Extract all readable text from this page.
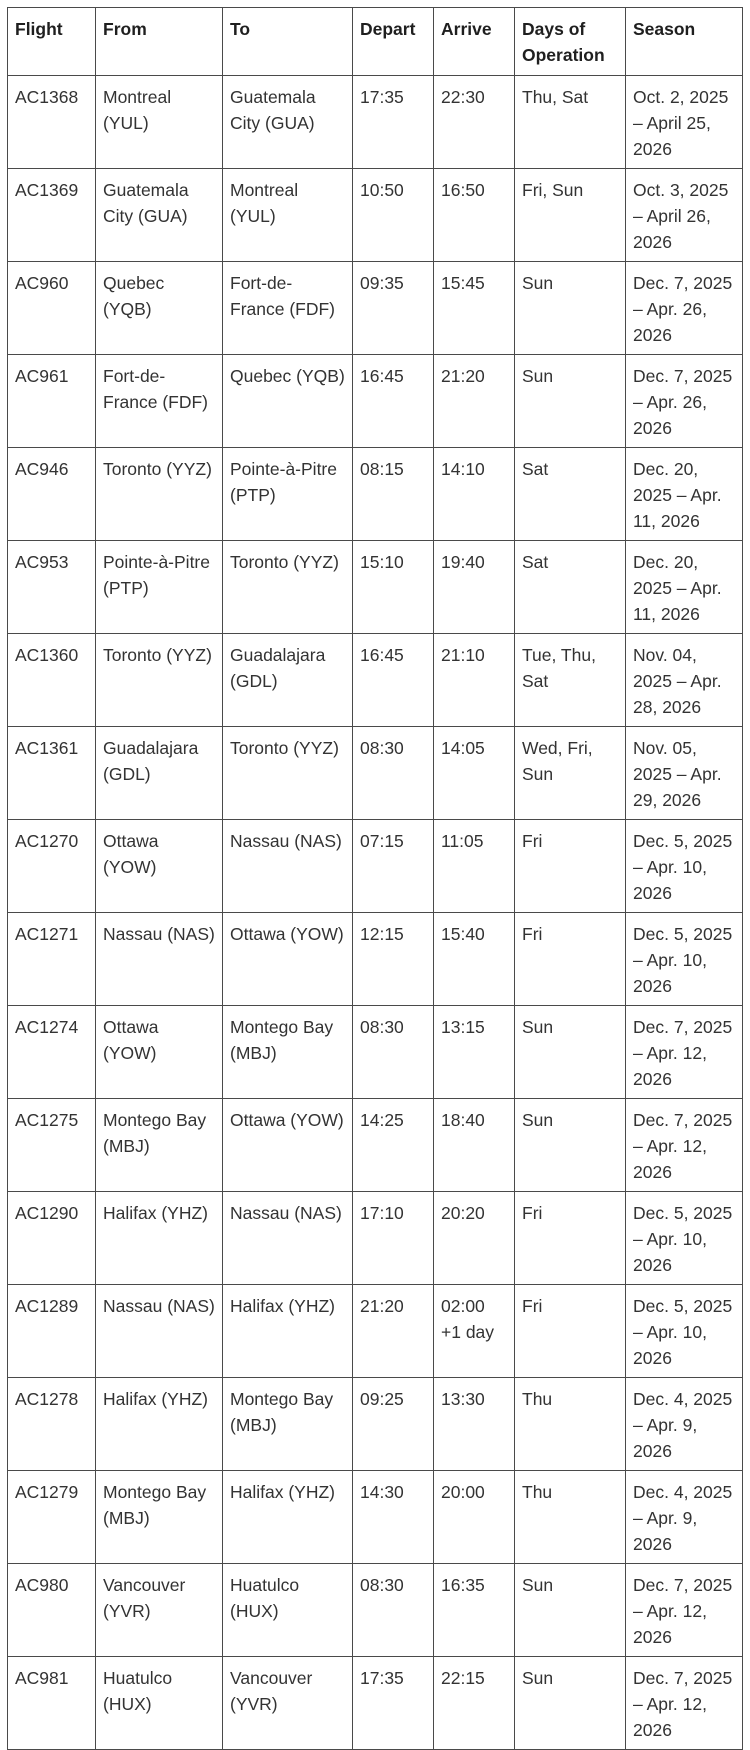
Flight	From	To	Depart	Arrive	Days of Operation	Season
AC1368	Montreal (YUL)	Guatemala City (GUA)	17:35	22:30	Thu, Sat	Oct. 2, 2025 – April 25, 2026
AC1369	Guatemala City (GUA)	Montreal (YUL)	10:50	16:50	Fri, Sun	Oct. 3, 2025 – April 26, 2026
AC960	Quebec (YQB)	Fort-de-France (FDF)	09:35	15:45	Sun	Dec. 7, 2025 – Apr. 26, 2026
AC961	Fort-de-France (FDF)	Quebec (YQB)	16:45	21:20	Sun	Dec. 7, 2025 – Apr. 26, 2026
AC946	Toronto (YYZ)	Pointe-à-Pitre (PTP)	08:15	14:10	Sat	Dec. 20, 2025 – Apr. 11, 2026
AC953	Pointe-à-Pitre (PTP)	Toronto (YYZ)	15:10	19:40	Sat	Dec. 20, 2025 – Apr. 11, 2026
AC1360	Toronto (YYZ)	Guadalajara (GDL)	16:45	21:10	Tue, Thu, Sat	Nov. 04, 2025 – Apr. 28, 2026
AC1361	Guadalajara (GDL)	Toronto (YYZ)	08:30	14:05	Wed, Fri, Sun	Nov. 05, 2025 – Apr. 29, 2026
AC1270	Ottawa (YOW)	Nassau (NAS)	07:15	11:05	Fri	Dec. 5, 2025 – Apr. 10, 2026
AC1271	Nassau (NAS)	Ottawa (YOW)	12:15	15:40	Fri	Dec. 5, 2025 – Apr. 10, 2026
AC1274	Ottawa (YOW)	Montego Bay (MBJ)	08:30	13:15	Sun	Dec. 7, 2025 – Apr. 12, 2026
AC1275	Montego Bay (MBJ)	Ottawa (YOW)	14:25	18:40	Sun	Dec. 7, 2025 – Apr. 12, 2026
AC1290	Halifax (YHZ)	Nassau (NAS)	17:10	20:20	Fri	Dec. 5, 2025 – Apr. 10, 2026
AC1289	Nassau (NAS)	Halifax (YHZ)	21:20	02:00 +1 day	Fri	Dec. 5, 2025 – Apr. 10, 2026
AC1278	Halifax (YHZ)	Montego Bay (MBJ)	09:25	13:30	Thu	Dec. 4, 2025 – Apr. 9, 2026
AC1279	Montego Bay (MBJ)	Halifax (YHZ)	14:30	20:00	Thu	Dec. 4, 2025 – Apr. 9, 2026
AC980	Vancouver (YVR)	Huatulco (HUX)	08:30	16:35	Sun	Dec. 7, 2025 – Apr. 12, 2026
AC981	Huatulco (HUX)	Vancouver (YVR)	17:35	22:15	Sun	Dec. 7, 2025 – Apr. 12, 2026
